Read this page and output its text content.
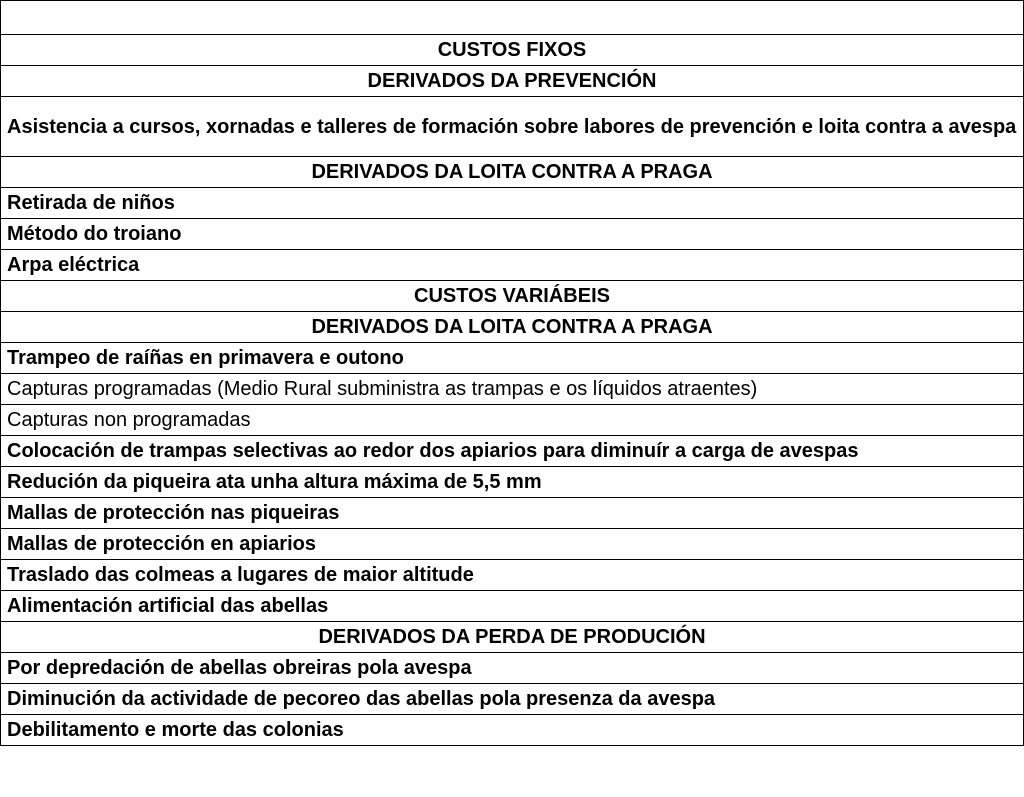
CUSTOS FIXOS
DERIVADOS DA PREVENCIÓN
Asistencia a cursos, xornadas e talleres de formación sobre labores de prevención e loita contra a avespa
DERIVADOS DA LOITA CONTRA A PRAGA
Retirada de niños
Método do troiano
Arpa eléctrica
CUSTOS VARIÁBEIS
DERIVADOS DA LOITA CONTRA A PRAGA
Trampeo de raíñas en primavera e outono
Capturas programadas (Medio Rural subministra as trampas e os líquidos atraentes)
Capturas non programadas
Colocación de trampas selectivas ao redor dos apiarios para diminuír a carga de avespas
Redución da piqueira ata unha altura máxima de 5,5 mm
Mallas de protección nas piqueiras
Mallas de protección en apiarios
Traslado das colmeas a lugares de maior altitude
Alimentación artificial das abellas
DERIVADOS DA PERDA DE PRODUCIÓN
Por depredación de abellas obreiras pola avespa
Diminución da actividade de pecoreo das abellas pola presenza da avespa
Debilitamento e morte das colonias
